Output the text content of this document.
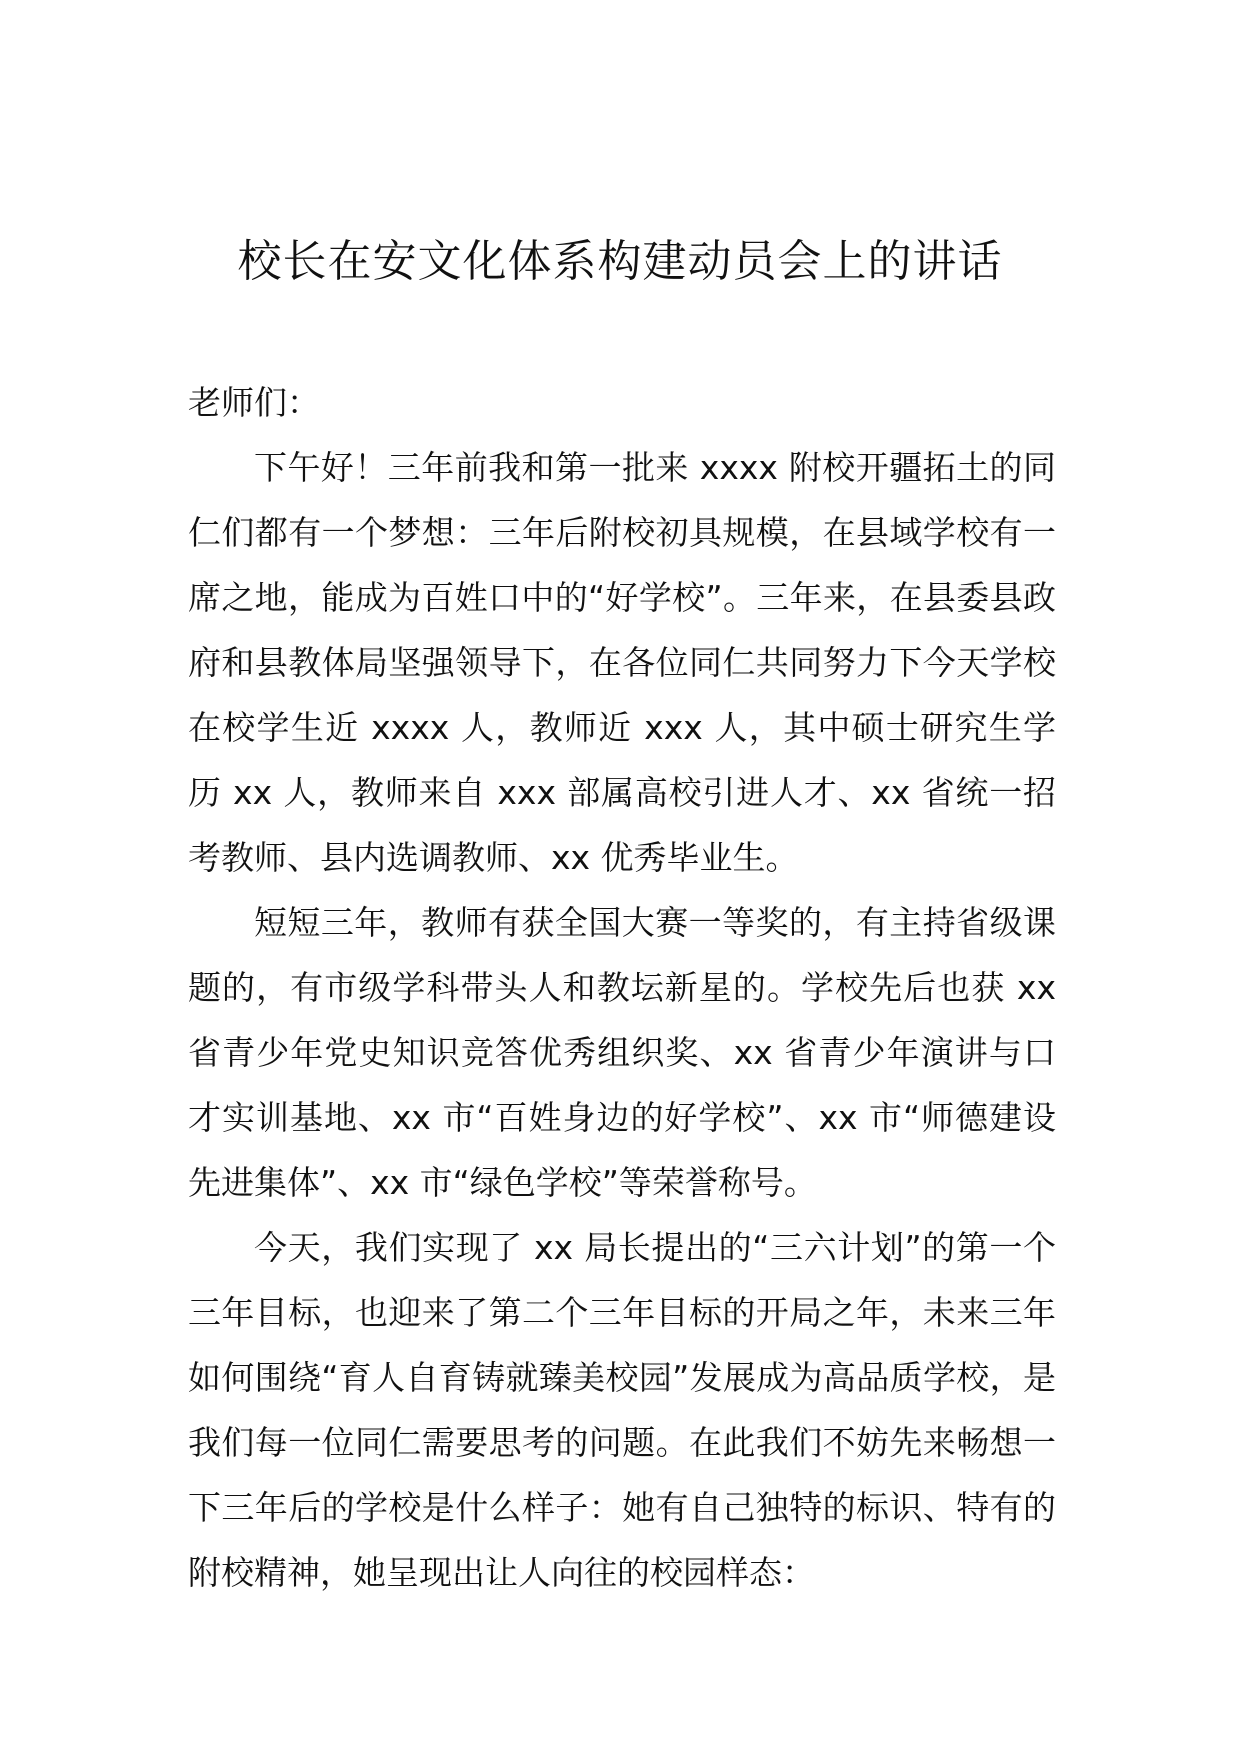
校长在安文化体系构建动员会上的讲话

老师们：

下午好！三年前我和第一批来 xxxx 附校开疆拓土的同仁们都有一个梦想：三年后附校初具规模，在县域学校有一席之地，能成为百姓口中的“好学校”。三年来，在县委县政府和县教体局坚强领导下，在各位同仁共同努力下今天学校在校学生近 xxxx 人，教师近 xxx 人，其中硕士研究生学历 xx 人，教师来自 xxx 部属高校引进人才、xx 省统一招考教师、县内选调教师、xx 优秀毕业生。

短短三年，教师有获全国大赛一等奖的，有主持省级课题的，有市级学科带头人和教坛新星的。学校先后也获 xx 省青少年党史知识竞答优秀组织奖、xx 省青少年演讲与口才实训基地、xx 市“百姓身边的好学校”、xx 市“师德建设先进集体”、xx 市“绿色学校”等荣誉称号。

今天，我们实现了 xx 局长提出的“三六计划”的第一个三年目标，也迎来了第二个三年目标的开局之年，未来三年如何围绕“育人自育铸就臻美校园”发展成为高品质学校，是我们每一位同仁需要思考的问题。在此我们不妨先来畅想一下三年后的学校是什么样子：她有自己独特的标识、特有的附校精神，她呈现出让人向往的校园样态：
